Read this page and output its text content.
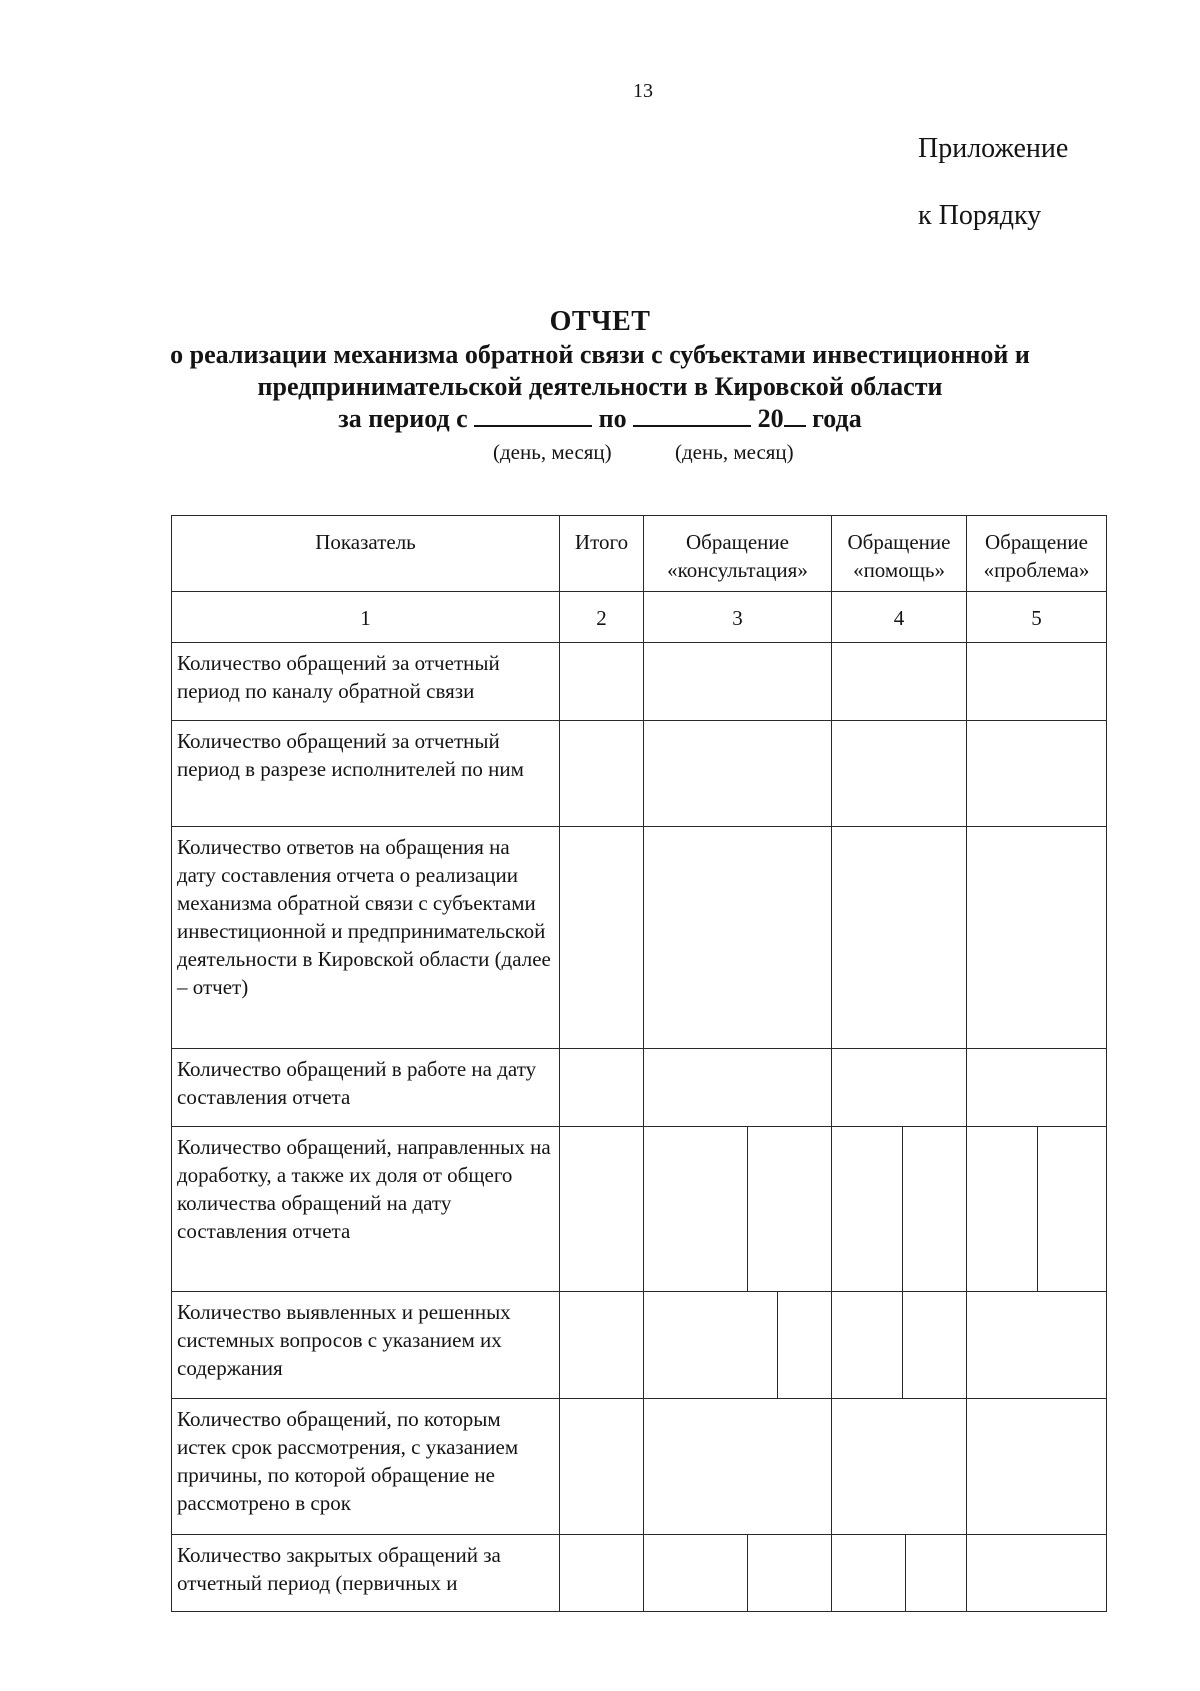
13
Приложение
к Порядку
ОТЧЕТ
о реализации механизма обратной связи с субъектами инвестиционной и
предпринимательской деятельности в Кировской области
за период с	по	20 года
(день, месяц)	(день, месяц)
Показатель	Итого	Обращение «консультация»	Обращение «помощь»	Обращение «проблема»
1	2	3	4	5
Количество обращений за отчетный период по каналу обратной связи				
Количество обращений за отчетный период в разрезе исполнителей по ним				
Количество ответов на обращения на дату составления отчета о реализации механизма обратной связи с субъектами инвестиционной и предпринимательской деятельности в Кировской области (далее – отчет)				
Количество обращений в работе на дату составления отчета				
Количество обращений, направленных на доработку, а также их доля от общего количества обращений на дату составления отчета		

Количество выявленных и решенных системных вопросов с указанием их содержания		

Количество обращений, по которым истек срок рассмотрения, с указанием причины, по которой обращение не рассмотрено в срок				
Количество закрытых обращений за отчетный период (первичных и		
